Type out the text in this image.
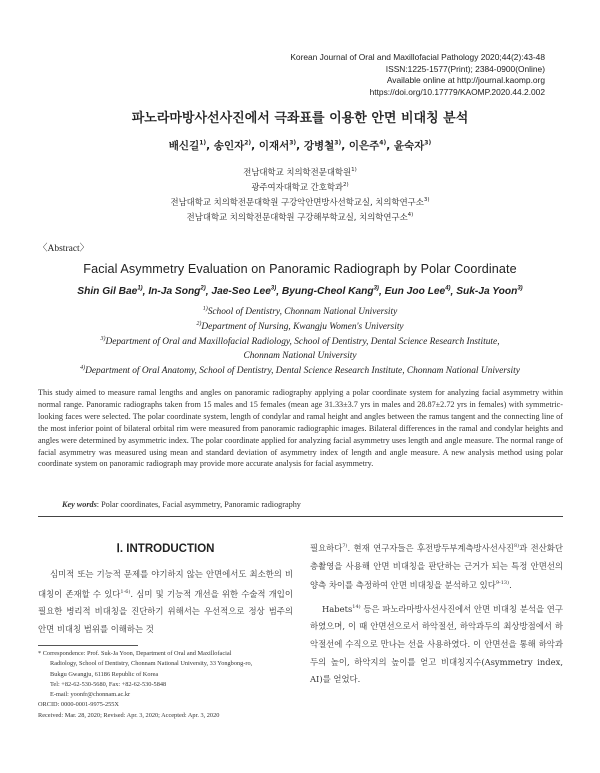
Korean Journal of Oral and Maxillofacial Pathology 2020;44(2):43-48
ISSN:1225-1577(Print); 2384-0900(Online)
Available online at http://journal.kaomp.org
https://doi.org/10.17779/KAOMP.2020.44.2.002
파노라마방사선사진에서 극좌표를 이용한 안면 비대칭 분석
배신길$^{1)}$, 송인자$^{2)}$, 이재서$^{3)}$, 강병철$^{3)}$, 이은주$^{4)}$, 윤숙자$^{3)}$
전남대학교 치의학전문대학원$^{1)}$
광주여자대학교 간호학과$^{2)}$
전남대학교 치의학전문대학원 구강악안면방사선학교실, 치의학연구소$^{3)}$
전남대학교 치의학전문대학원 구강해부학교실, 치의학연구소$^{4)}$
〈Abstract〉
Facial Asymmetry Evaluation on Panoramic Radiograph by Polar Coordinate
Shin Gil Bae$^{1)}$, In-Ja Song$^{2)}$, Jae-Seo Lee$^{3)}$, Byung-Cheol Kang$^{3)}$, Eun Joo Lee$^{4)}$, Suk-Ja Yoon$^{3)}$
$^{1)}$School of Dentistry, Chonnam National University
$^{2)}$Department of Nursing, Kwangju Women's University
$^{3)}$Department of Oral and Maxillofacial Radiology, School of Dentistry, Dental Science Research Institute,
Chonnam National University
$^{4)}$Department of Oral Anatomy, School of Dentistry, Dental Science Research Institute, Chonnam National University
This study aimed to measure ramal lengths and angles on panoramic radiography applying a polar coordinate system for analyzing facial asymmetry within normal range. Panoramic radiographs taken from 15 males and 15 females (mean age 31.33±3.7 yrs in males and 28.87±2.72 yrs in females) with symmetric-looking faces were selected. The polar coordinate system, length of condylar and ramal height and angles between the ramus tangent and the connecting line of the most inferior point of bilateral orbital rim were measured from panoramic radiographic images. Bilateral differences in the ramal and condylar heights and angles were determined by asymmetric index. The polar coordinate applied for analyzing facial asymmetry uses length and angle measure. The normal range of facial asymmetry was measured using mean and standard deviation of asymmetry index of length and angle measure. A new analysis method using polar coordinate system on panoramic radiograph may provide more accurate analysis for facial asymmetry.
Key words: Polar coordinates, Facial asymmetry, Panoramic radiography
Ⅰ. INTRODUCTION

심미적 또는 기능적 문제를 야기하지 않는 안면에서도 최소한의 비대칭이 존재할 수 있다$^{1-6)}$. 심미 및 기능적 개선을 위한 수술적 개입이 필요한 병리적 비대칭을 진단하기 위해서는 우선적으로 정상 범주의 안면 비대칭 범위를 이해하는 것

필요하다$^{7)}$. 현재 연구자들은 후전방두부계측방사선사진$^{8)}$과 전산화단층촬영을 사용해 안면 비대칭을 판단하는 근거가 되는 특정 안면선의 양측 차이를 측정하여 안면 비대칭을 분석하고 있다$^{9-13)}$.

Habets$^{14)}$ 등은 파노라마방사선사진에서 안면 비대칭 분석을 연구하였으며, 이 때 안면선으로서 하악절선, 하악과두의 최상방점에서 하악절선에 수직으로 만나는 선을 사용하였다. 이 안면선을 통해 하악과두의 높이, 하악지의 높이를 얻고 비대칭지수(Asymmetry index, AI)를 얻었다.

* Correspondence: Prof. Suk-Ja Yoon, Department of Oral and Maxillofacial
Radiology, School of Dentistry, Chonnam National University, 33 Yongbong-ro,
Bukgu Gwangju, 61186 Republic of Korea
Tel: +82-62-530-5680, Fax: +82-62-530-5848
E-mail: yoonfr@chonnam.ac.kr
ORCID: 0000-0001-9975-255X
Received: Mar. 28, 2020; Revised: Apr. 3, 2020; Accepted: Apr. 3, 2020
